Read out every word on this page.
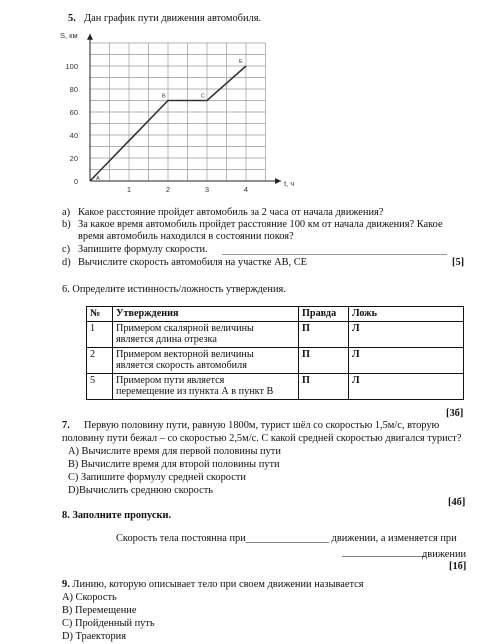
5. Дан график пути движения автомобиля.
1	2	3	4
0
20
40
60
80
100
A
B	C
E
S, км
t, ч
a) Какое расстояние пройдет автомобиль за 2 часа от начала движения?
b) За какое время автомобиль пройдет расстояние 100 км от начала движения? Какое
время автомобиль находился в состоянии покоя?
c) Запишите формулу скорости.
d) Вычислите скорость автомобиля на участке АВ, СЕ	[5]
6. Определите истинность/ложность утверждения.
№	Утверждения	Правда	Ложь
1	Примером скалярной величины
является длина отрезка	П	Л
2	Примером векторной величины
является скорость автомобиля	П	Л
5	Примером пути является
перемещение из пункта А в пункт В	П	Л
[3б]
7. Первую половину пути, равную 1800м, турист шёл со скоростью 1,5м/с, вторую
половину пути бежал – со скоростью 2,5м/с. С какой средней скоростью двигался турист?
A) Вычислите время для первой половины пути
B) Вычислите время для второй половины пути
C) Запишите формулу средней скорости
D)Вычислить среднюю скорость
[4б]
8. Заполните пропуски.
Скорость тела постоянна при________________ движении, а изменяется при
________________
движении
[1б]
9. Линию, которую описывает тело при своем движении называется
А) Скорость
В) Перемещение
С) Пройденный путь
D) Траектория
